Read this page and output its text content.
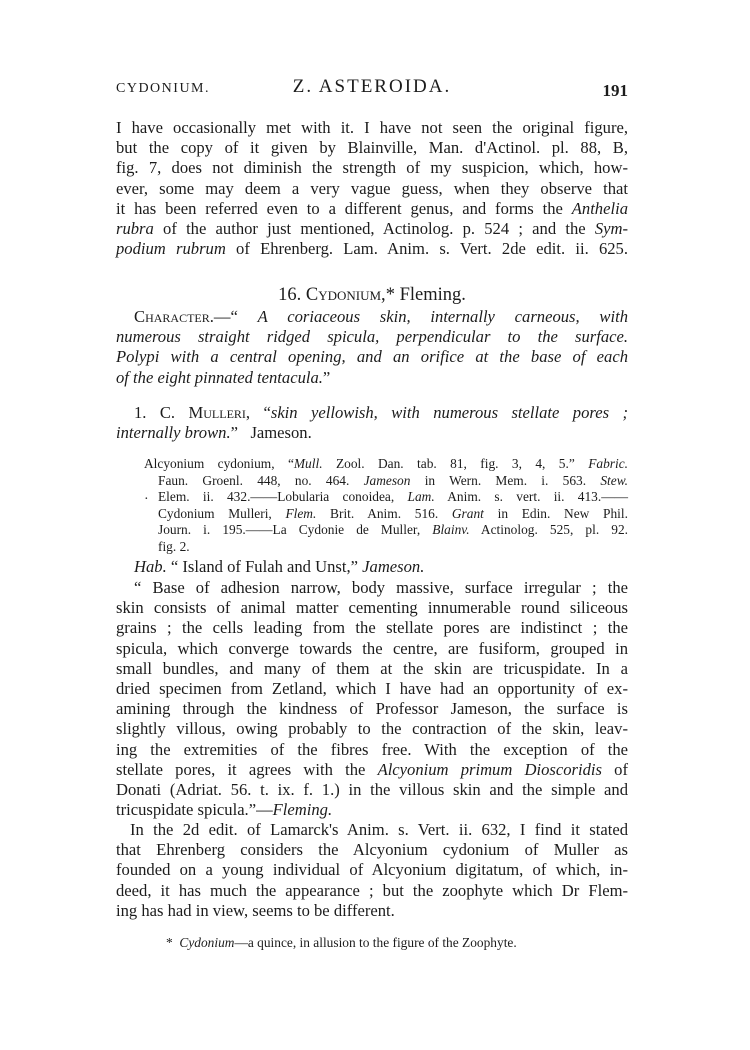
CYDONIUM.	Z. ASTEROIDA.	191
I have occasionally met with it. I have not seen the original figure,
but the copy of it given by Blainville, Man. d'Actinol. pl. 88, B,
fig. 7, does not diminish the strength of my suspicion, which, how-
ever, some may deem a very vague guess, when they observe that
it has been referred even to a different genus, and forms the Anthelia
rubra of the author just mentioned, Actinolog. p. 524 ; and the Sym-
podium rubrum of Ehrenberg. Lam. Anim. s. Vert. 2de edit. ii. 625.
16. Cydonium,* Fleming.
Character.—“ A coriaceous skin, internally carneous, with
numerous straight ridged spicula, perpendicular to the surface.
Polypi with a central opening, and an orifice at the base of each
of the eight pinnated tentacula.”
1. C. Mulleri, “skin yellowish, with numerous stellate pores ;
internally brown.” Jameson.
·
Alcyonium cydonium, “Mull. Zool. Dan. tab. 81, fig. 3, 4, 5.” Fabric.
Faun. Groenl. 448, no. 464. Jameson in Wern. Mem. i. 563. Stew.
Elem. ii. 432.——Lobularia conoidea, Lam. Anim. s. vert. ii. 413.——
Cydonium Mulleri, Flem. Brit. Anim. 516. Grant in Edin. New Phil.
Journ. i. 195.——La Cydonie de Muller, Blainv. Actinolog. 525, pl. 92.
fig. 2.
Hab. “ Island of Fulah and Unst,” Jameson.
“ Base of adhesion narrow, body massive, surface irregular ; the
skin consists of animal matter cementing innumerable round siliceous
grains ; the cells leading from the stellate pores are indistinct ; the
spicula, which converge towards the centre, are fusiform, grouped in
small bundles, and many of them at the skin are tricuspidate. In a
dried specimen from Zetland, which I have had an opportunity of ex-
amining through the kindness of Professor Jameson, the surface is
slightly villous, owing probably to the contraction of the skin, leav-
ing the extremities of the fibres free. With the exception of the
stellate pores, it agrees with the Alcyonium primum Dioscoridis of
Donati (Adriat. 56. t. ix. f. 1.) in the villous skin and the simple and
tricuspidate spicula.”—Fleming.
In the 2d edit. of Lamarck's Anim. s. Vert. ii. 632, I find it stated
that Ehrenberg considers the Alcyonium cydonium of Muller as
founded on a young individual of Alcyonium digitatum, of which, in-
deed, it has much the appearance ; but the zoophyte which Dr Flem-
ing has had in view, seems to be different.
* Cydonium—a quince, in allusion to the figure of the Zoophyte.
